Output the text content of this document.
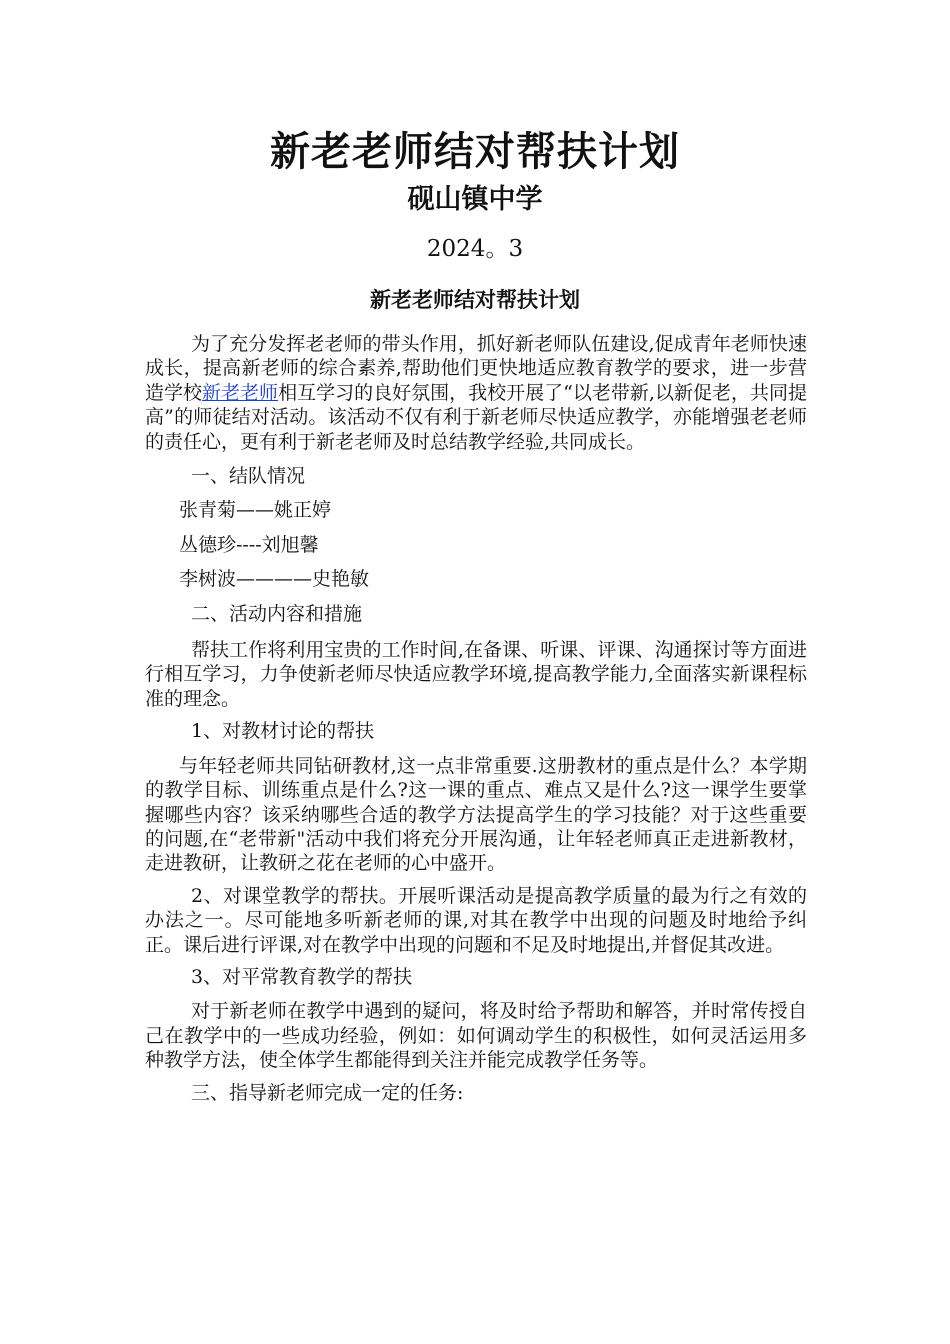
新老老师结对帮扶计划
砚山镇中学
2024。3
新老老师结对帮扶计划

为了充分发挥老老师的带头作用，抓好新老师队伍建设,促成青年老师快速成长，提高新老师的综合素养,帮助他们更快地适应教育教学的要求，进一步营造学校新老老师相互学习的良好氛围，我校开展了“以老带新,以新促老，共同提高”的师徒结对活动。该活动不仅有利于新老师尽快适应教学，亦能增强老老师的责任心，更有利于新老老师及时总结教学经验,共同成长。

一、结队情况

张青菊——姚正婷

丛德珍----刘旭馨

李树波————史艳敏

二、活动内容和措施

帮扶工作将利用宝贵的工作时间,在备课、听课、评课、沟通探讨等方面进行相互学习，力争使新老师尽快适应教学环境,提高教学能力,全面落实新课程标准的理念。

1、对教材讨论的帮扶

与年轻老师共同钻研教材,这一点非常重要.这册教材的重点是什么？本学期的教学目标、训练重点是什么?这一课的重点、难点又是什么?这一课学生要掌握哪些内容？该采纳哪些合适的教学方法提高学生的学习技能？对于这些重要的问题,在“老带新"活动中我们将充分开展沟通，让年轻老师真正走进新教材，走进教研，让教研之花在老师的心中盛开。

2、对课堂教学的帮扶。开展听课活动是提高教学质量的最为行之有效的办法之一。尽可能地多听新老师的课,对其在教学中出现的问题及时地给予纠正。课后进行评课,对在教学中出现的问题和不足及时地提出,并督促其改进。

3、对平常教育教学的帮扶

对于新老师在教学中遇到的疑问，将及时给予帮助和解答，并时常传授自己在教学中的一些成功经验，例如：如何调动学生的积极性，如何灵活运用多种教学方法，使全体学生都能得到关注并能完成教学任务等。

三、指导新老师完成一定的任务:
